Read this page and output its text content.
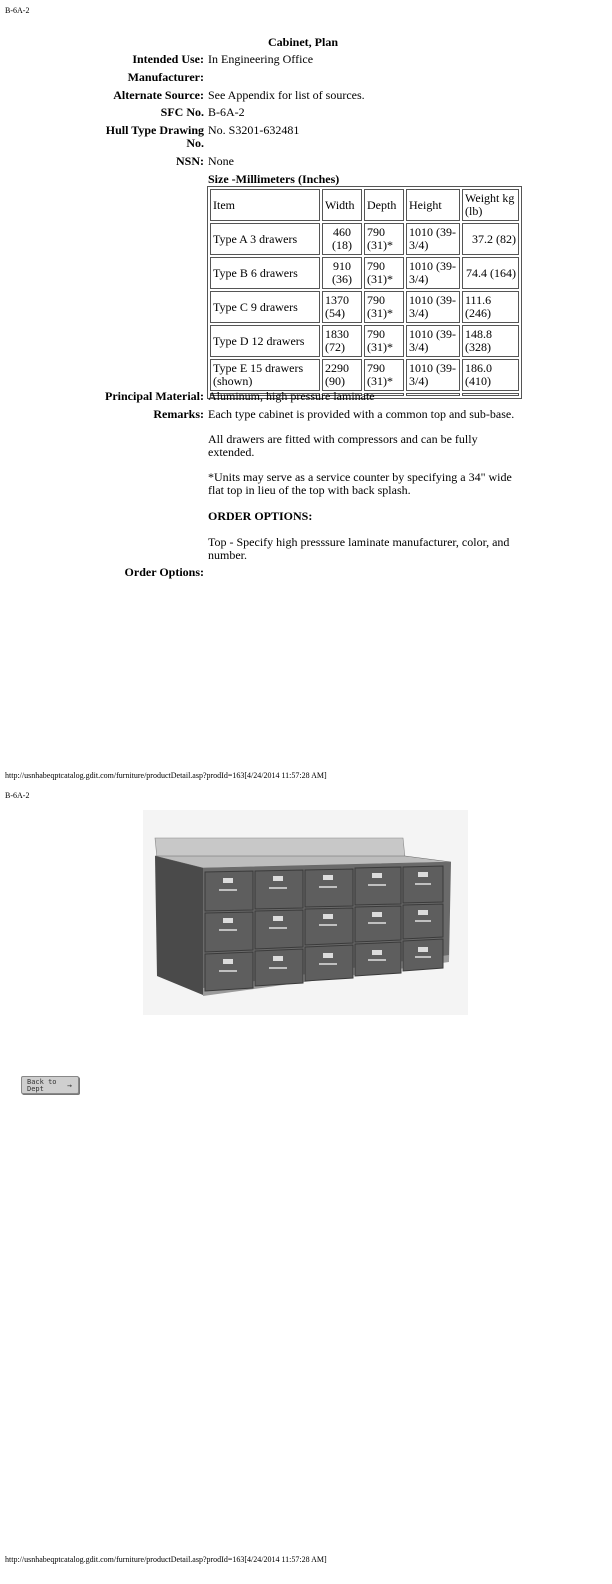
B-6A-2
Cabinet, Plan
Intended Use: In Engineering Office
Manufacturer:
Alternate Source: See Appendix for list of sources.
SFC No. B-6A-2
Hull Type Drawing
No.
No. S3201-632481
NSN: None
Size -Millimeters (Inches)
Item	Width	Depth	Height	Weight kg (lb)
Type A 3 drawers	460 (18)	790 (31)*	1010 (39-3/4)	37.2 (82)
Type B 6 drawers	910 (36)	790 (31)*	1010 (39-3/4)	74.4 (164)
Type C 9 drawers	1370 (54)	790 (31)*	1010 (39-3/4)	111.6 (246)
Type D 12 drawers	1830 (72)	790 (31)*	1010 (39-3/4)	148.8 (328)
Type E 15 drawers (shown)	2290 (90)	790 (31)*	1010 (39-3/4)	186.0 (410)

Principal Material: Aluminum, high pressure laminate
Remarks: Each type cabinet is provided with a common top and sub-base.
All drawers are fitted with compressors and can be fully extended.
*Units may serve as a service counter by specifying a 34" wide flat top in lieu of the top with back splash.
ORDER OPTIONS:
Top - Specify high presssure laminate manufacturer, color, and number.
Order Options:
http://usnhabeqptcatalog.gdit.com/furniture/productDetail.asp?prodId=163[4/24/2014 11:57:28 AM]
B-6A-2
Back to
Dept	→
http://usnhabeqptcatalog.gdit.com/furniture/productDetail.asp?prodId=163[4/24/2014 11:57:28 AM]
